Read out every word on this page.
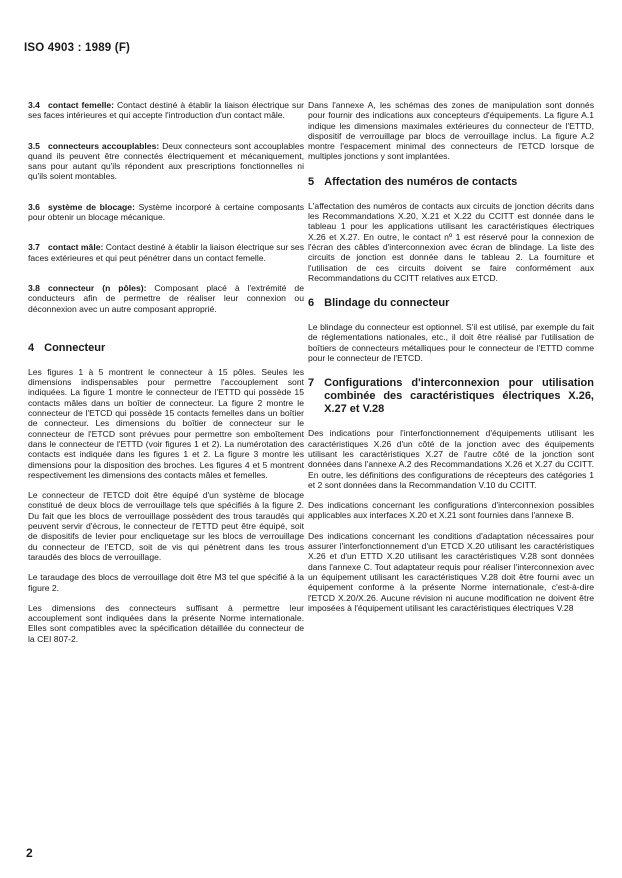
ISO 4903 : 1989 (F)
3.4 contact femelle: Contact destiné à établir la liaison électrique sur ses faces intérieures et qui accepte l'introduction d'un contact mâle.
3.5 connecteurs accouplables: Deux connecteurs sont accouplables quand ils peuvent être connectés électriquement et mécaniquement, sans pour autant qu'ils répondent aux prescriptions fonctionnelles ni qu'ils soient montables.
3.6 système de blocage: Système incorporé à certaine composants pour obtenir un blocage mécanique.
3.7 contact mâle: Contact destiné à établir la liaison électrique sur ses faces extérieures et qui peut pénétrer dans un contact femelle.
3.8 connecteur (n pôles): Composant placé à l'extrémité de conducteurs afin de permettre de réaliser leur connexion ou déconnexion avec un autre composant approprié.
4 Connecteur

Les figures 1 à 5 montrent le connecteur à 15 pôles. Seules les dimensions indispensables pour permettre l'accouplement sont indiquées. La figure 1 montre le connecteur de l'ETTD qui possède 15 contacts mâles dans un boîtier de connecteur. La figure 2 montre le connecteur de l'ETCD qui possède 15 contacts femelles dans un boîtier de connecteur. Les dimensions du boîtier de connecteur sur le connecteur de l'ETCD sont prévues pour permettre son emboîtement dans le connecteur de l'ETTD (voir figures 1 et 2). La numérotation des contacts est indiquée dans les figures 1 et 2. La figure 3 montre les dimensions pour la disposition des broches. Les figures 4 et 5 montrent respectivement les dimensions des contacts mâles et femelles.

Le connecteur de l'ETCD doit être équipé d'un système de blocage constitué de deux blocs de verrouillage tels que spécifiés à la figure 2. Du fait que les blocs de verrouillage possèdent des trous taraudés qui peuvent servir d'écrous, le connecteur de l'ETTD peut être équipé, soit de dispositifs de levier pour encliquetage sur les blocs de verrouillage du connecteur de l'ETCD, soit de vis qui pénètrent dans les trous taraudés des blocs de verrouillage.

Le taraudage des blocs de verrouillage doit être M3 tel que spécifié à la figure 2.

Les dimensions des connecteurs suffisant à permettre leur accouplement sont indiquées dans la présente Norme internationale. Elles sont compatibles avec la spécification détaillée du connecteur de la CEI 807-2.

Dans l'annexe A, les schémas des zones de manipulation sont donnés pour fournir des indications aux concepteurs d'équipements. La figure A.1 indique les dimensions maximales extérieures du connecteur de l'ETTD, dispositif de verrouillage par blocs de verrouillage inclus. La figure A.2 montre l'espacement minimal des connecteurs de l'ETCD lorsque de multiples jonctions y sont implantées.

5 Affectation des numéros de contacts

L'affectation des numéros de contacts aux circuits de jonction décrits dans les Recommandations X.20, X.21 et X.22 du CCITT est donnée dans le tableau 1 pour les applications utilisant les caractéristiques électriques X.26 et X.27. En outre, le contact nº 1 est réservé pour la connexion de l'écran des câbles d'interconnexion avec écran de blindage. La liste des circuits de jonction est donnée dans le tableau 2. La fourniture et l'utilisation de ces circuits doivent se faire conformément aux Recommandations du CCITT relatives aux ETCD.

6 Blindage du connecteur

Le blindage du connecteur est optionnel. S'il est utilisé, par exemple du fait de réglementations nationales, etc., il doit être réalisé par l'utilisation de boîtiers de connecteurs métalliques pour le connecteur de l'ETTD comme pour le connecteur de l'ETCD.

7 Configurations d'interconnexion pour utilisation combinée des caractéristiques électriques X.26, X.27 et V.28

Des indications pour l'interfonctionnement d'équipements utilisant les caractéristiques X.26 d'un côté de la jonction avec des équipements utilisant les caractéristiques X.27 de l'autre côté de la jonction sont données dans l'annexe A.2 des Recommandations X.26 et X.27 du CCITT. En outre, les définitions des configurations de récepteurs des catégories 1 et 2 sont données dans la Recommandation V.10 du CCITT.

Des indications concernant les configurations d'interconnexion possibles applicables aux interfaces X.20 et X.21 sont fournies dans l'annexe B.

Des indications concernant les conditions d'adaptation nécessaires pour assurer l'interfonctionnement d'un ETCD X.20 utilisant les caractéristiques X.26 et d'un ETTD X.20 utilisant les caractéristiques V.28 sont données dans l'annexe C. Tout adaptateur requis pour réaliser l'interconnexion avec un équipement utilisant les caractéristiques V.28 doit être fourni avec un équipement conforme à la présente Norme internationale, c'est-à-dire l'ETCD X.20/X.26. Aucune révision ni aucune modification ne doivent être imposées à l'équipement utilisant les caractéristiques électriques V.28

2
